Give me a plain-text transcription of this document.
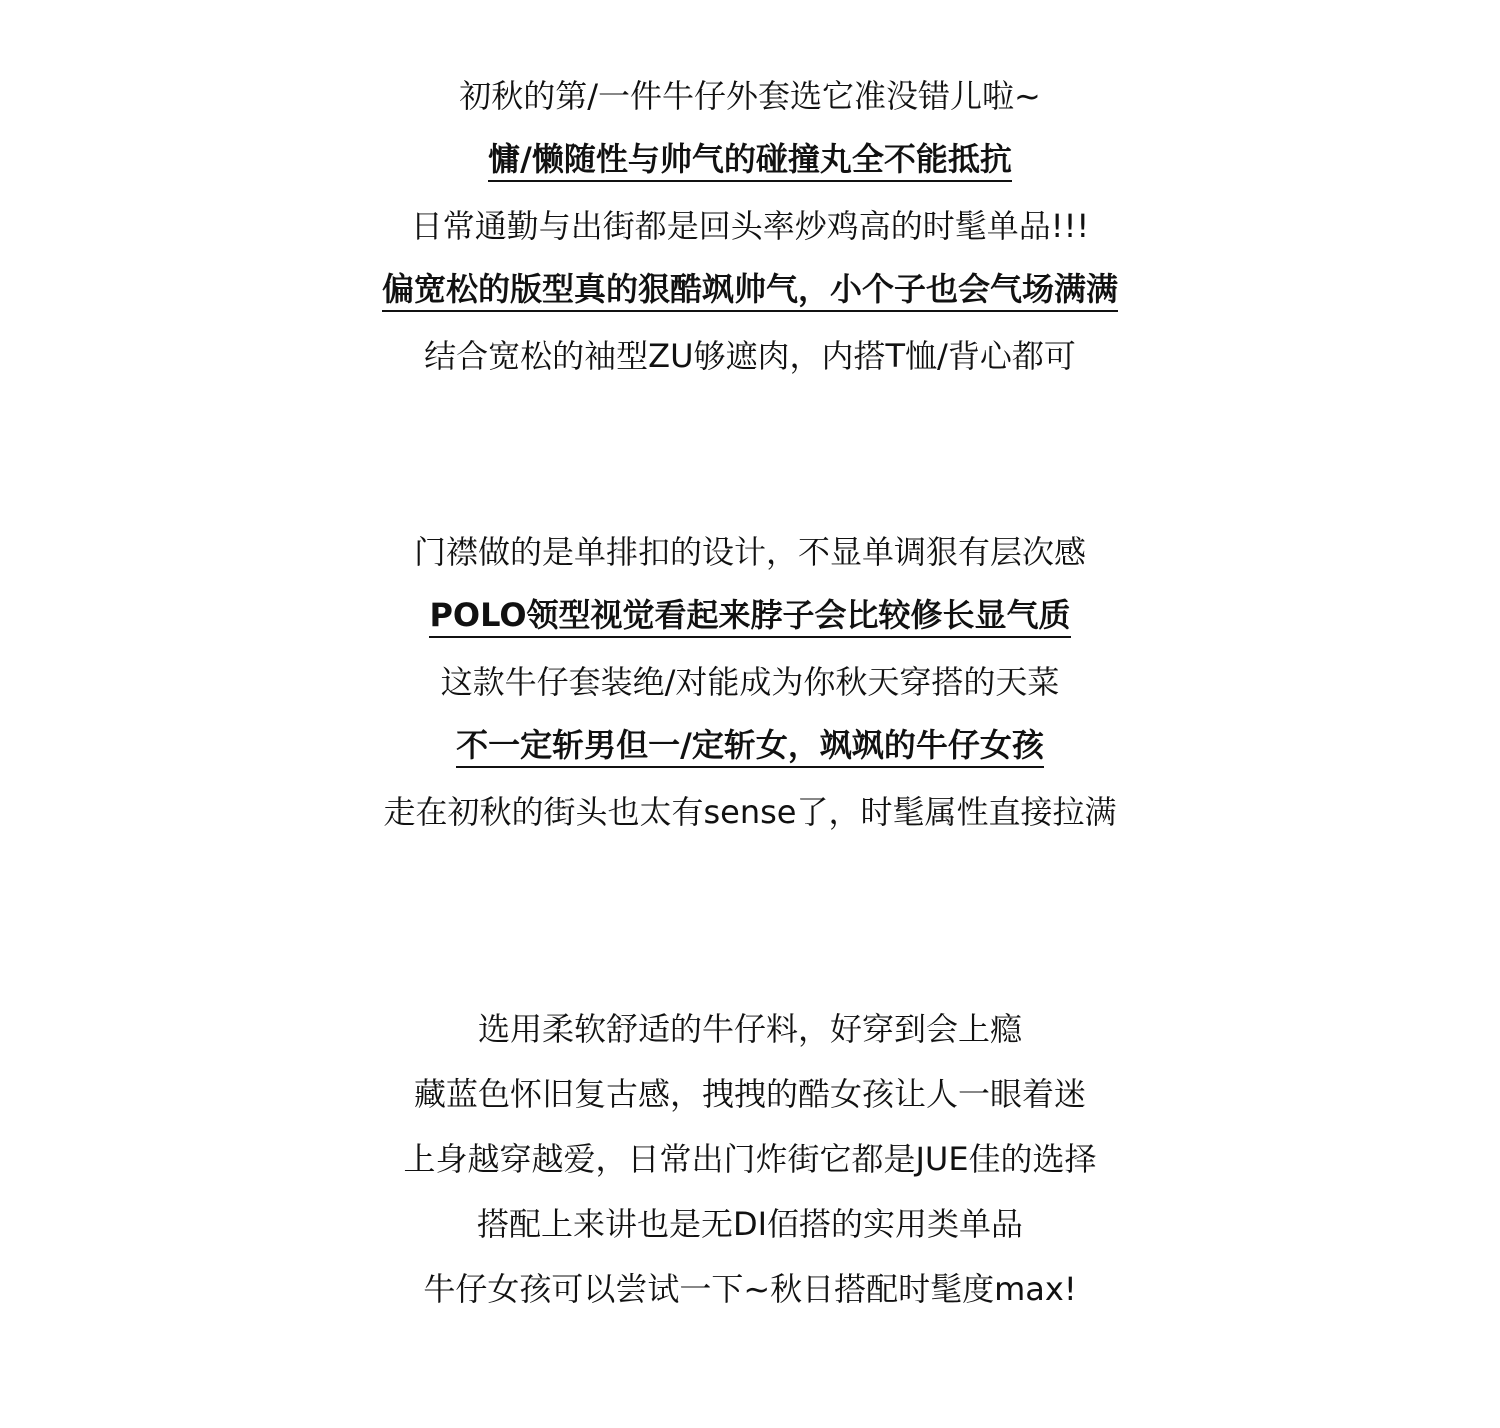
初秋的第/一件牛仔外套选它准没错儿啦~
慵/懒随性与帅气的碰撞丸全不能抵抗
日常通勤与出街都是回头率炒鸡高的时髦单品!!!
偏宽松的版型真的狠酷飒帅气，小个子也会气场满满
结合宽松的袖型ZU够遮肉，内搭T恤/背心都可
门襟做的是单排扣的设计，不显单调狠有层次感
POLO领型视觉看起来脖子会比较修长显气质
这款牛仔套装绝/对能成为你秋天穿搭的天菜
不一定斩男但一/定斩女，飒飒的牛仔女孩
走在初秋的街头也太有sense了，时髦属性直接拉满
选用柔软舒适的牛仔料，好穿到会上瘾
藏蓝色怀旧复古感，拽拽的酷女孩让人一眼着迷
上身越穿越爱，日常出门炸街它都是JUE佳的选择
搭配上来讲也是无DI佰搭的实用类单品
牛仔女孩可以尝试一下~秋日搭配时髦度max!
